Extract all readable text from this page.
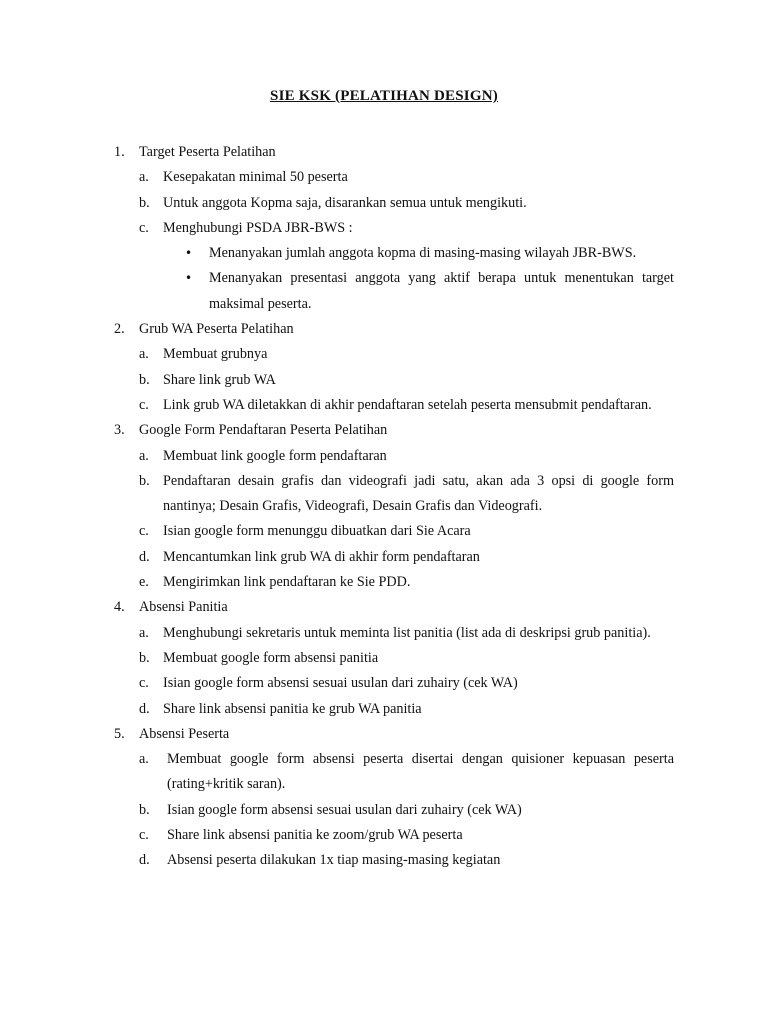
SIE KSK (PELATIHAN DESIGN)
1. Target Peserta Pelatihan
a. Kesepakatan minimal 50 peserta
b. Untuk anggota Kopma saja, disarankan semua untuk mengikuti.
c. Menghubungi PSDA JBR-BWS :
• Menanyakan jumlah anggota kopma di masing-masing wilayah JBR-BWS.
• Menanyakan presentasi anggota yang aktif berapa untuk menentukan target maksimal peserta.
2. Grub WA Peserta Pelatihan
a. Membuat grubnya
b. Share link grub WA
c. Link grub WA diletakkan di akhir pendaftaran setelah peserta mensubmit pendaftaran.
3. Google Form Pendaftaran Peserta Pelatihan
a. Membuat link google form pendaftaran
b. Pendaftaran desain grafis dan videografi jadi satu, akan ada 3 opsi di google form nantinya; Desain Grafis, Videografi, Desain Grafis dan Videografi.
c. Isian google form menunggu dibuatkan dari Sie Acara
d. Mencantumkan link grub WA di akhir form pendaftaran
e. Mengirimkan link pendaftaran ke Sie PDD.
4. Absensi Panitia
a. Menghubungi sekretaris untuk meminta list panitia (list ada di deskripsi grub panitia).
b. Membuat google form absensi panitia
c. Isian google form absensi sesuai usulan dari zuhairy (cek WA)
d. Share link absensi panitia ke grub WA panitia
5. Absensi Peserta
a. Membuat google form absensi peserta disertai dengan quisioner kepuasan peserta (rating+kritik saran).
b. Isian google form absensi sesuai usulan dari zuhairy (cek WA)
c. Share link absensi panitia ke zoom/grub WA peserta
d. Absensi peserta dilakukan 1x tiap masing-masing kegiatan
